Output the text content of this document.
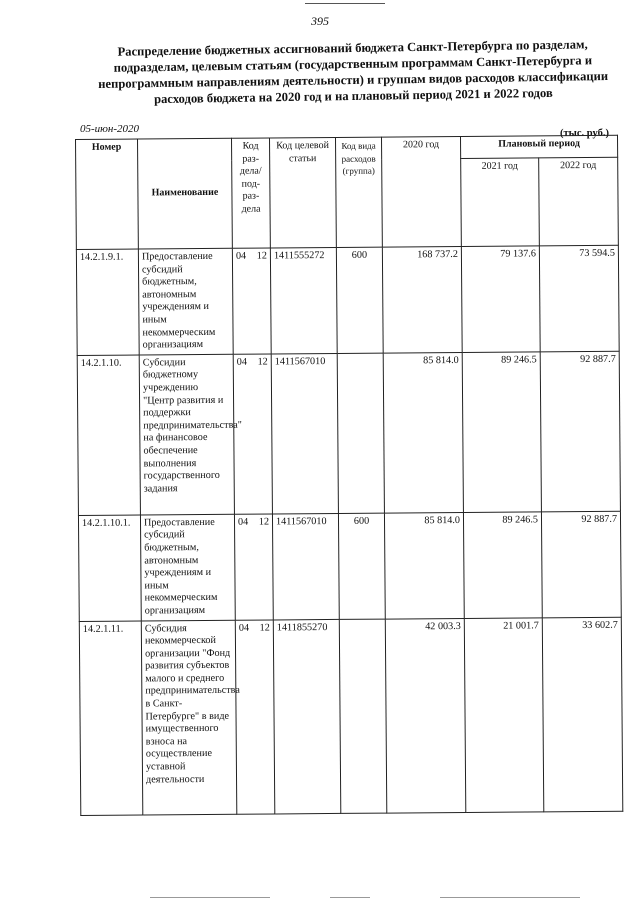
395
Распределение бюджетных ассигнований бюджета Санкт-Петербурга по разделам, подразделам, целевым статьям (государственным программам Санкт-Петербурга и непрограммным направлениям деятельности) и группам видов расходов классификации расходов бюджета на 2020 год и на плановый период 2021 и 2022 годов
05-июн-2020	(тыс. руб.)
Номер	Наименование	Код раз-дела/ под-раз-дела	Код целевой статьи	Код вида расходов (группа)	2020 год	Плановый период	
						2021 год	2022 год
14.2.1.9.1.	Предоставление субсидий бюджетным, автономным учреждениям и иным некоммерческим организациям	04 12	1411555272	600	168 737.2	79 137.6	73 594.5
14.2.1.10.	Субсидии бюджетному учреждению "Центр развития и поддержки предпринимательства" на финансовое обеспечение выполнения государственного задания	04 12	1411567010		85 814.0	89 246.5	92 887.7
14.2.1.10.1.	Предоставление субсидий бюджетным, автономным учреждениям и иным некоммерческим организациям	04 12	1411567010	600	85 814.0	89 246.5	92 887.7
14.2.1.11.	Субсидия некоммерческой организации "Фонд развития субъектов малого и среднего предпринимательства в Санкт-Петербурге" в виде имущественного взноса на осуществление уставной деятельности	04 12	1411855270		42 003.3	21 001.7	33 602.7
